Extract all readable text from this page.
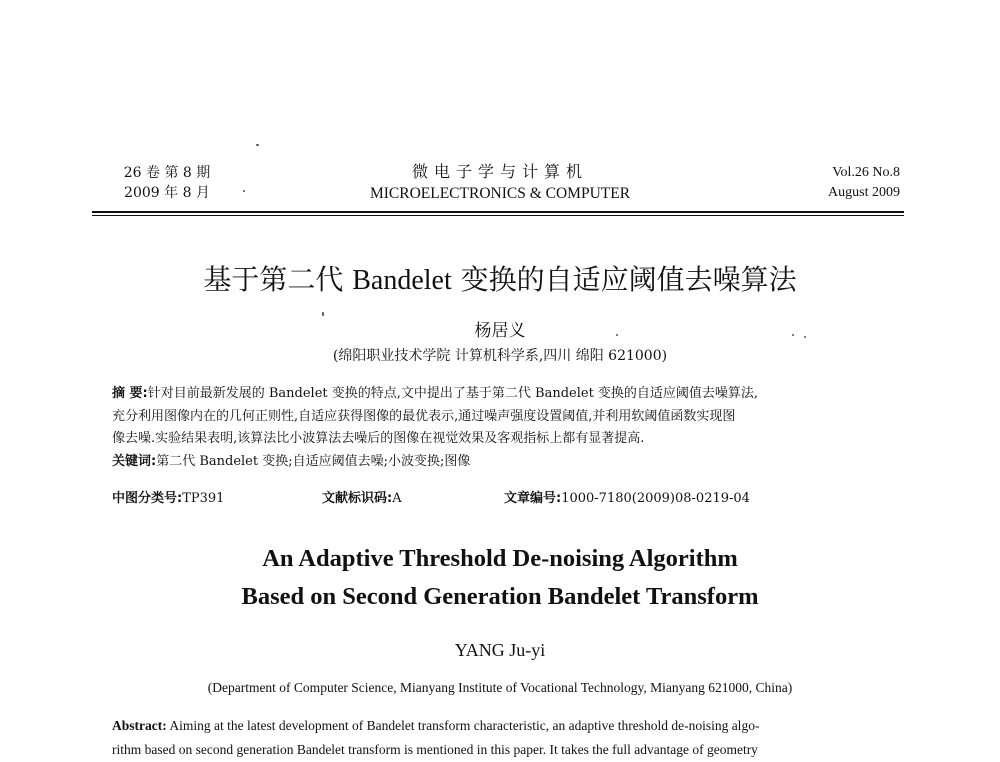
26 卷 第 8 期
2009 年 8 月
微电子学与计算机
MICROELECTRONICS & COMPUTER
Vol.26 No.8
August 2009
基于第二代 Bandelet 变换的自适应阈值去噪算法
杨居义
(绵阳职业技术学院 计算机科学系,四川 绵阳 621000)

摘 要:针对目前最新发展的 Bandelet 变换的特点,文中提出了基于第二代 Bandelet 变换的自适应阈值去噪算法,

充分利用图像内在的几何正则性,自适应获得图像的最优表示,通过噪声强度设置阈值,并利用软阈值函数实现图

像去噪.实验结果表明,该算法比小波算法去噪后的图像在视觉效果及客观指标上都有显著提高.

关键词:第二代 Bandelet 变换;自适应阈值去噪;小波变换;图像

中图分类号:TP391	文献标识码:A	文章编号:1000-7180(2009)08-0219-04
An Adaptive Threshold De-noising Algorithm
Based on Second Generation Bandelet Transform
YANG Ju-yi
(Department of Computer Science, Mianyang Institute of Vocational Technology, Mianyang 621000, China)

Abstract: Aiming at the latest development of Bandelet transform characteristic, an adaptive threshold de-noising algo-

rithm based on second generation Bandelet transform is mentioned in this paper. It takes the full advantage of geometry
